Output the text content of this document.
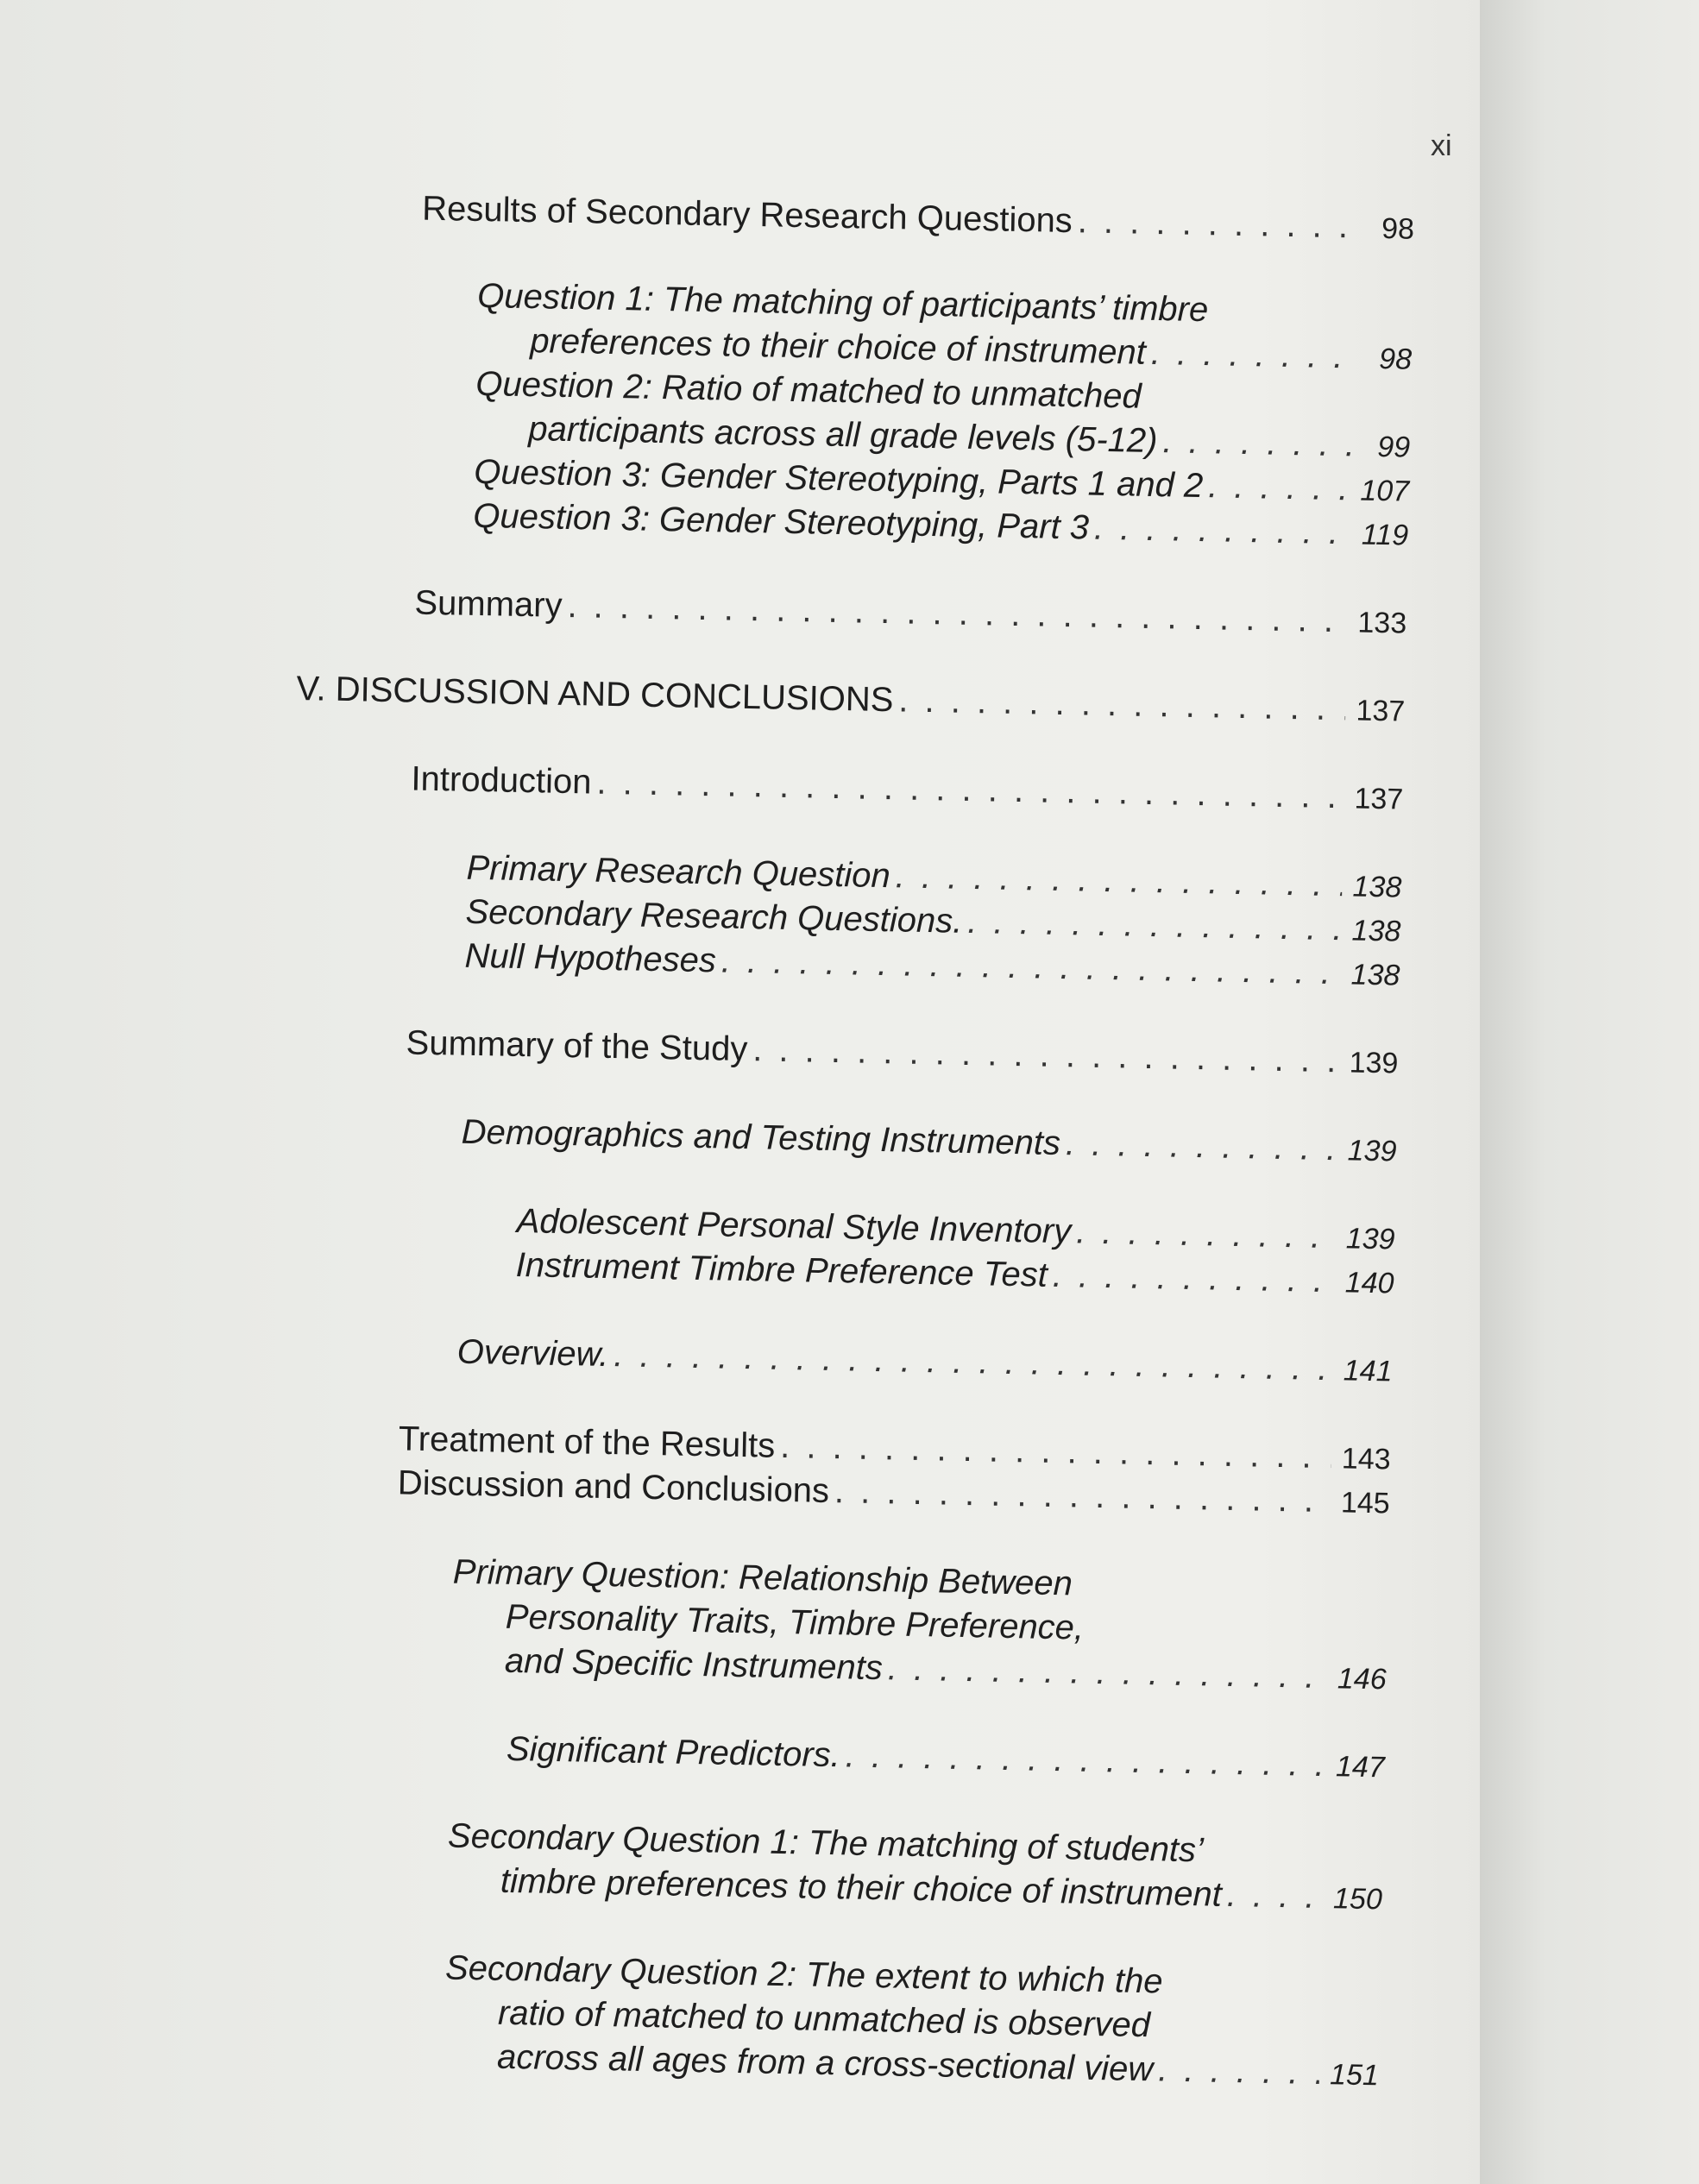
xi
Results of Secondary Research Questions . . .	98
Question 1: The matching of participants’ timbre
preferences to their choice of instrument . . .	98
Question 2: Ratio of matched to unmatched
participants across all grade levels (5-12) . . .	99
Question 3: Gender Stereotyping, Parts 1 and 2 . . .	107
Question 3: Gender Stereotyping, Part 3 . . .	119
Summary . . .	133
V. DISCUSSION AND CONCLUSIONS . . .	137
Introduction . . .	137
Primary Research Question . . .	138
Secondary Research Questions. . . .	138
Null Hypotheses . . .	138
Summary of the Study . . .	139
Demographics and Testing Instruments . . .	139
Adolescent Personal Style Inventory . . .	139
Instrument Timbre Preference Test . . .	140
Overview. . . .	141
Treatment of the Results . . .	143
Discussion and Conclusions . . .	145
Primary Question: Relationship Between
Personality Traits, Timbre Preference,
and Specific Instruments . . .	146
Significant Predictors. . . .	147
Secondary Question 1: The matching of students’
timbre preferences to their choice of instrument . . .	150
Secondary Question 2: The extent to which the
ratio of matched to unmatched is observed
across all ages from a cross-sectional view . . .	151
